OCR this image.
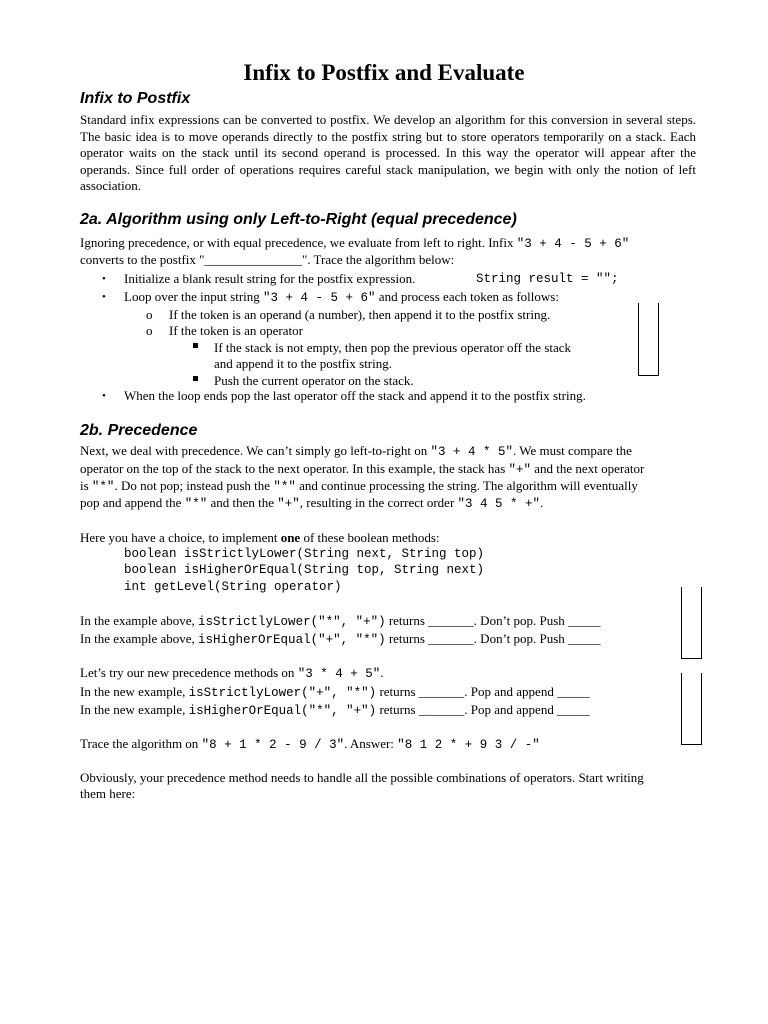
Infix to Postfix and Evaluate
Infix to Postfix
Standard infix expressions can be converted to postfix. We develop an algorithm for this conversion in several steps. The basic idea is to move operands directly to the postfix string but to store operators temporarily on a stack. Each operator waits on the stack until its second operand is processed. In this way the operator will appear after the operands. Since full order of operations requires careful stack manipulation, we begin with only the notion of left association.
2a. Algorithm using only Left-to-Right (equal precedence)
Ignoring precedence, or with equal precedence, we evaluate from left to right. Infix "3 + 4 - 5 + 6"
converts to the postfix "_______________". Trace the algorithm below:
• Initialize a blank result string for the postfix expression.	String result = "";
• Loop over the input string "3 + 4 - 5 + 6" and process each token as follows:
o If the token is an operand (a number), then append it to the postfix string.
o If the token is an operator
If the stack is not empty, then pop the previous operator off the stack
and append it to the postfix string.
Push the current operator on the stack.
• When the loop ends pop the last operator off the stack and append it to the postfix string.
2b. Precedence
Next, we deal with precedence. We can’t simply go left-to-right on "3 + 4 * 5". We must compare the
operator on the top of the stack to the next operator. In this example, the stack has "+" and the next operator
is "*". Do not pop; instead push the "*" and continue processing the string. The algorithm will eventually
pop and append the "*" and then the "+", resulting in the correct order "3 4 5 * +".
Here you have a choice, to implement one of these boolean methods:
boolean isStrictlyLower(String next, String top)
boolean isHigherOrEqual(String top, String next)
int getLevel(String operator)
In the example above, isStrictlyLower("*", "+") returns _______. Don’t pop. Push _____
In the example above, isHigherOrEqual("+", "*") returns _______. Don’t pop. Push _____
Let’s try our new precedence methods on "3 * 4 + 5".
In the new example, isStrictlyLower("+", "*") returns _______. Pop and append _____
In the new example, isHigherOrEqual("*", "+") returns _______. Pop and append _____
Trace the algorithm on "8 + 1 * 2 - 9 / 3". Answer: "8 1 2 * + 9 3 / -"
Obviously, your precedence method needs to handle all the possible combinations of operators. Start writing
them here:
